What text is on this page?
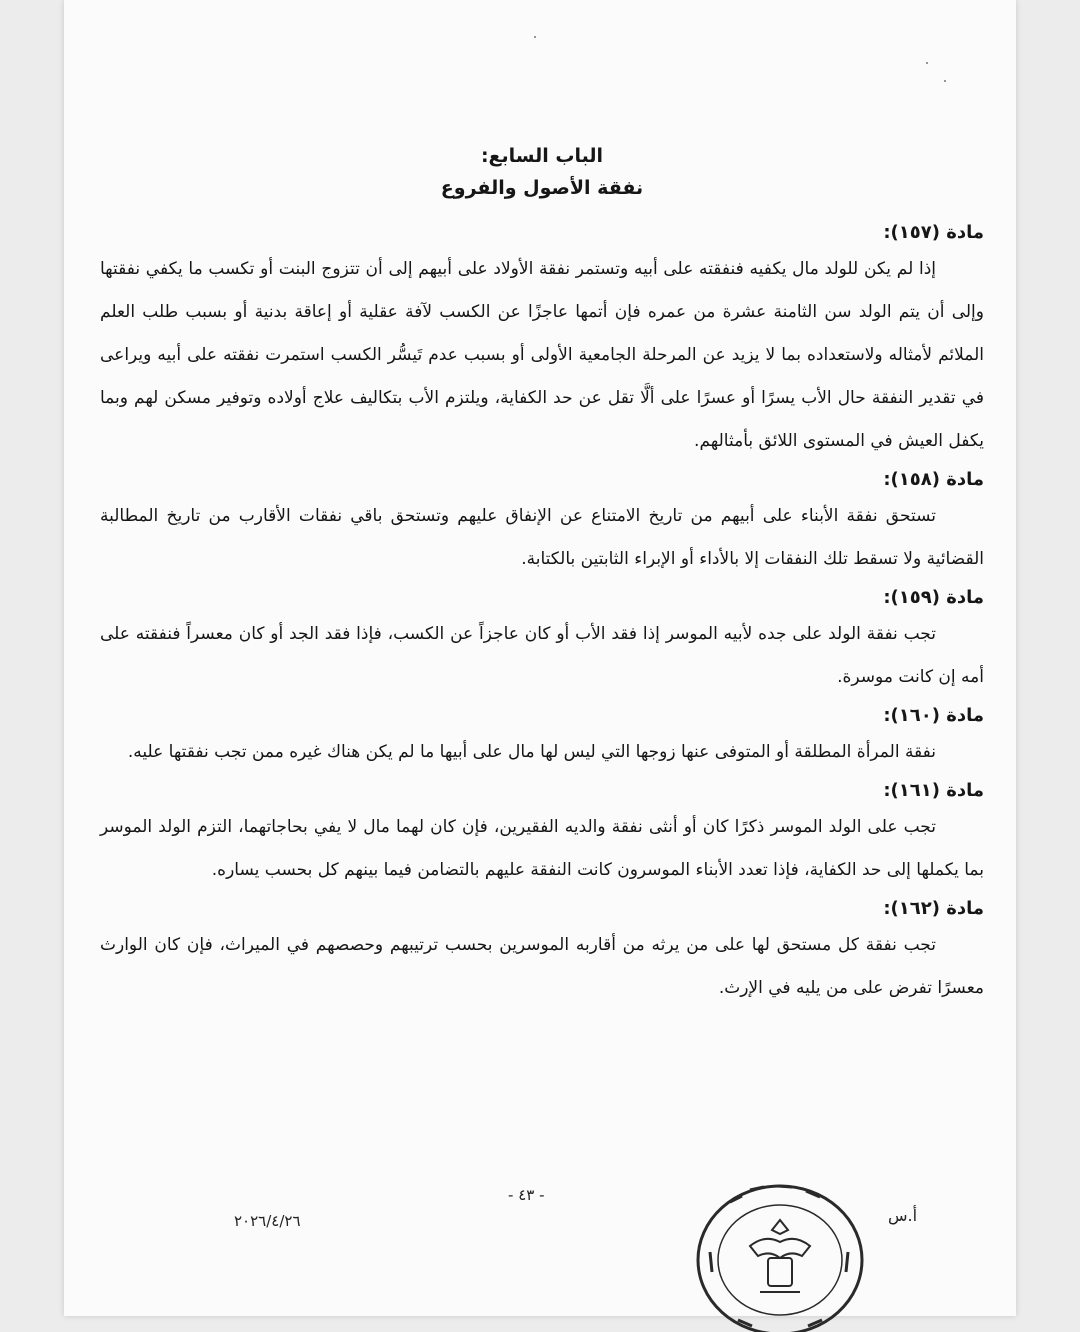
الباب السابع:

نفقة الأصول والفروع

مادة (١٥٧):

إذا لم يكن للولد مال يكفيه فنفقته على أبيه وتستمر نفقة الأولاد على أبيهم إلى أن تتزوج البنت أو تكسب ما يكفي نفقتها وإلى أن يتم الولد سن الثامنة عشرة من عمره فإن أتمها عاجزًا عن الكسب لآفة عقلية أو إعاقة بدنية أو بسبب طلب العلم الملائم لأمثاله ولاستعداده بما لا يزيد عن المرحلة الجامعية الأولى أو بسبب عدم تَيسُّر الكسب استمرت نفقته على أبيه ويراعى في تقدير النفقة حال الأب يسرًا أو عسرًا على ألَّا تقل عن حد الكفاية، ويلتزم الأب بتكاليف علاج أولاده وتوفير مسكن لهم وبما يكفل العيش في المستوى اللائق بأمثالهم.

مادة (١٥٨):

تستحق نفقة الأبناء على أبيهم من تاريخ الامتناع عن الإنفاق عليهم وتستحق باقي نفقات الأقارب من تاريخ المطالبة القضائية ولا تسقط تلك النفقات إلا بالأداء أو الإبراء الثابتين بالكتابة.

مادة (١٥٩):

تجب نفقة الولد على جده لأبيه الموسر إذا فقد الأب أو كان عاجزاً عن الكسب، فإذا فقد الجد أو كان معسراً فنفقته على أمه إن كانت موسرة.

مادة (١٦٠):

نفقة المرأة المطلقة أو المتوفى عنها زوجها التي ليس لها مال على أبيها ما لم يكن هناك غيره ممن تجب نفقتها عليه.

مادة (١٦١):

تجب على الولد الموسر ذكرًا كان أو أنثى نفقة والديه الفقيرين، فإن كان لهما مال لا يفي بحاجاتهما، التزم الولد الموسر بما يكملها إلى حد الكفاية، فإذا تعدد الأبناء الموسرون كانت النفقة عليهم بالتضامن فيما بينهم كل بحسب يساره.

مادة (١٦٢):

تجب نفقة كل مستحق لها على من يرثه من أقاربه الموسرين بحسب ترتيبهم وحصصهم في الميراث، فإن كان الوارث معسرًا تفرض على من يليه في الإرث.

- ٤٣ -
٢٠٢٦/٤/٢٦	أ.س
